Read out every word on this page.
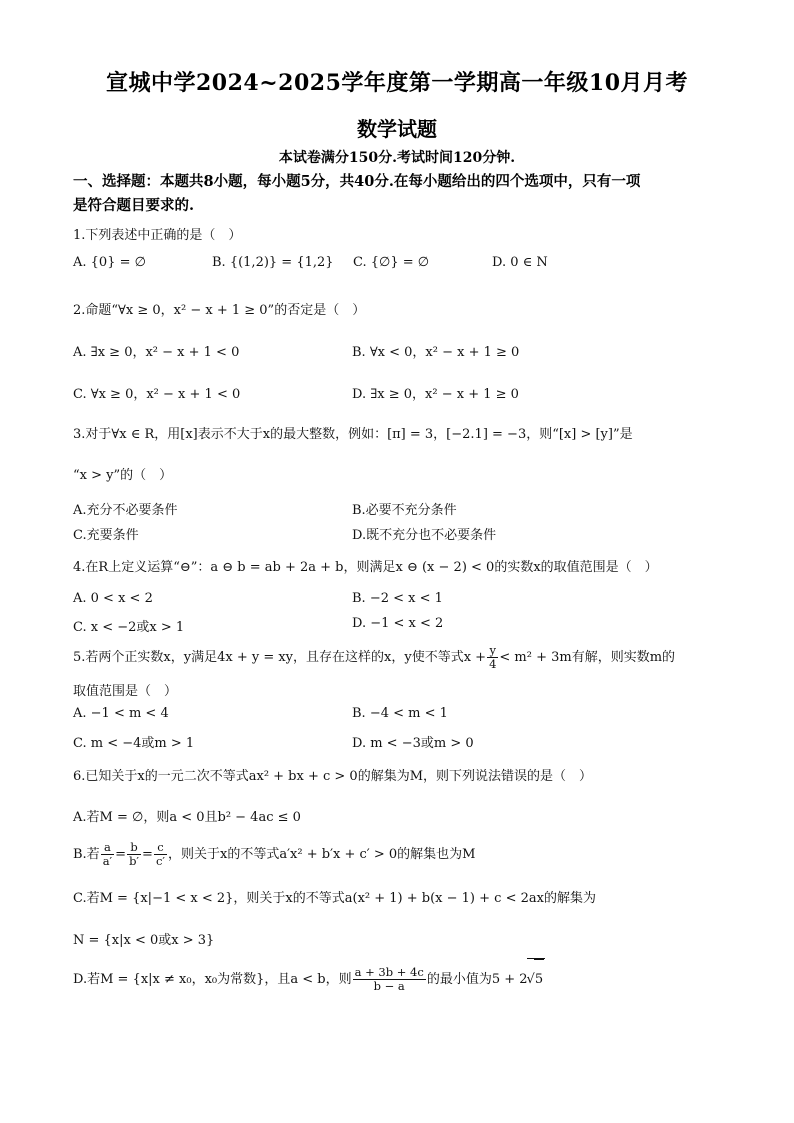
宣城中学2024~2025学年度第一学期高一年级10月月考
数学试题
本试卷满分150分.考试时间120分钟.
一、选择题：本题共8小题，每小题5分，共40分.在每小题给出的四个选项中，只有一项
是符合题目要求的.
1.下列表述中正确的是（　）
A. {0} = ∅	B. {(1,2)} = {1,2} C. {∅} = ∅	D. 0 ∈ N
2.命题“∀x ≥ 0，x² − x + 1 ≥ 0”的否定是（　）
A. ∃x ≥ 0，x² − x + 1 < 0	B. ∀x < 0，x² − x + 1 ≥ 0
C. ∀x ≥ 0，x² − x + 1 < 0	D. ∃x ≥ 0，x² − x + 1 ≥ 0
3.对于∀x ∈ R，用[x]表示不大于x的最大整数，例如：[π] = 3，[−2.1] = −3，则“[x] > [y]”是
“x > y”的（　）
A.充分不必要条件	B.必要不充分条件
C.充要条件	D.既不充分也不必要条件
4.在R上定义运算“⊖”：a ⊖ b = ab + 2a + b，则满足x ⊖ (x − 2) < 0的实数x的取值范围是（　）
A. 0 < x < 2	B. −2 < x < 1
C. x < −2或x > 1	D. −1 < x < 2
5.若两个正实数x，y满足4x + y = xy，且存在这样的x，y使不等式$x + \frac{y}{4} < m^2 + 3m$有解，则实数m的
取值范围是（　）
A. −1 < m < 4	B. −4 < m < 1
C. m < −4或m > 1	D. m < −3或m > 0
6.已知关于x的一元二次不等式ax² + bx + c > 0的解集为M，则下列说法错误的是（　）
A.若M = ∅，则a < 0且b² − 4ac ≤ 0
B.若 $\frac{a}{a'} = \frac{b}{b'} = \frac{c}{c'}$ ，则关于x的不等式a′x² + b′x + c′ > 0的解集也为M
C.若M = {x|−1 < x < 2}，则关于x的不等式a(x² + 1) + b(x − 1) + c < 2ax的解集为
N = {x|x < 0或x > 3}
D.若M = {x|x ≠ x₀，x₀为常数}，且a < b，则 $\frac{a + 3b + 4c}{b - a}$ 的最小值为5 + 2√5
